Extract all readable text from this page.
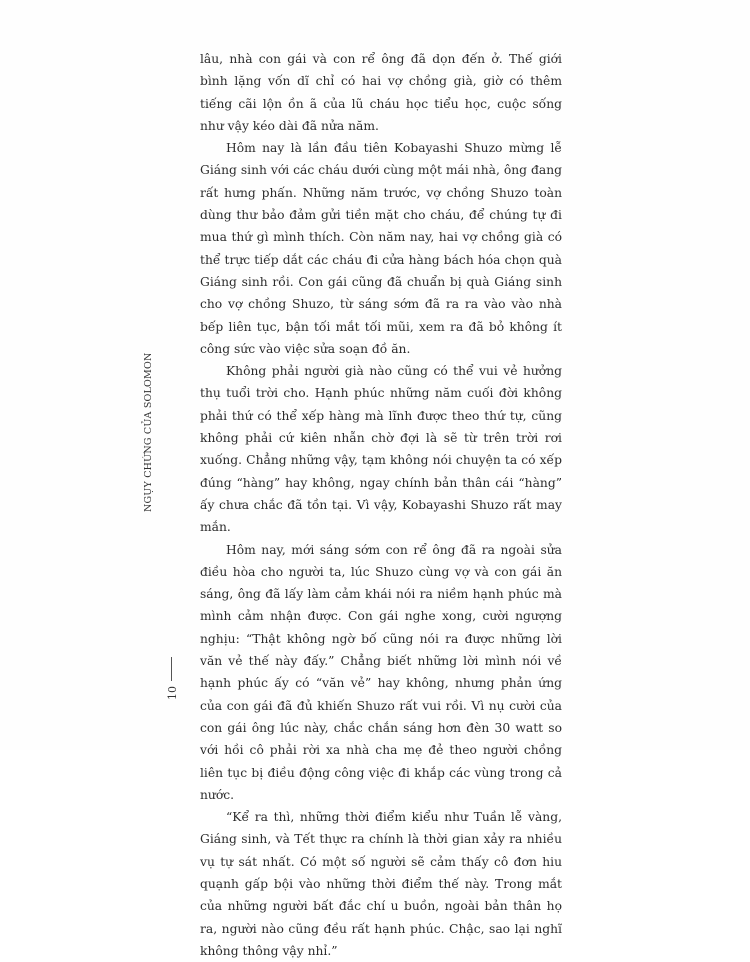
lâu, nhà con gái và con rể ông đã dọn đến ở. Thế giới bình lặng vốn dĩ chỉ có hai vợ chồng già, giờ có thêm tiếng cãi lộn ồn ã của lũ cháu học tiểu học, cuộc sống như vậy kéo dài đã nửa năm.

Hôm nay là lần đầu tiên Kobayashi Shuzo mừng lễ Giáng sinh với các cháu dưới cùng một mái nhà, ông đang rất hưng phấn. Những năm trước, vợ chồng Shuzo toàn dùng thư bảo đảm gửi tiền mặt cho cháu, để chúng tự đi mua thứ gì mình thích. Còn năm nay, hai vợ chồng già có thể trực tiếp dắt các cháu đi cửa hàng bách hóa chọn quà Giáng sinh rồi. Con gái cũng đã chuẩn bị quà Giáng sinh cho vợ chồng Shuzo, từ sáng sớm đã ra ra vào vào nhà bếp liên tục, bận tối mắt tối mũi, xem ra đã bỏ không ít công sức vào việc sửa soạn đồ ăn.

Không phải người già nào cũng có thể vui vẻ hưởng thụ tuổi trời cho. Hạnh phúc những năm cuối đời không phải thứ có thể xếp hàng mà lĩnh được theo thứ tự, cũng không phải cứ kiên nhẫn chờ đợi là sẽ từ trên trời rơi xuống. Chẳng những vậy, tạm không nói chuyện ta có xếp đúng “hàng” hay không, ngay chính bản thân cái “hàng” ấy chưa chắc đã tồn tại. Vì vậy, Kobayashi Shuzo rất may mắn.

Hôm nay, mới sáng sớm con rể ông đã ra ngoài sửa điều hòa cho người ta, lúc Shuzo cùng vợ và con gái ăn sáng, ông đã lấy làm cảm khái nói ra niềm hạnh phúc mà mình cảm nhận được. Con gái nghe xong, cười ngượng nghịu: “Thật không ngờ bố cũng nói ra được những lời văn vẻ thế này đấy.” Chẳng biết những lời mình nói về hạnh phúc ấy có “văn vẻ” hay không, nhưng phản ứng của con gái đã đủ khiến Shuzo rất vui rồi. Vì nụ cười của con gái ông lúc này, chắc chắn sáng hơn đèn 30 watt so với hồi cô phải rời xa nhà cha mẹ đẻ theo người chồng liên tục bị điều động công việc đi khắp các vùng trong cả nước.

“Kể ra thì, những thời điểm kiểu như Tuần lễ vàng, Giáng sinh, và Tết thực ra chính là thời gian xảy ra nhiều vụ tự sát nhất. Có một số người sẽ cảm thấy cô đơn hiu quạnh gấp bội vào những thời điểm thế này. Trong mắt của những người bất đắc chí u buồn, ngoài bản thân họ ra, người nào cũng đều rất hạnh phúc. Chậc, sao lại nghĩ không thông vậy nhỉ.”

NGỤY CHỨNG CỦA SOLOMON
10
